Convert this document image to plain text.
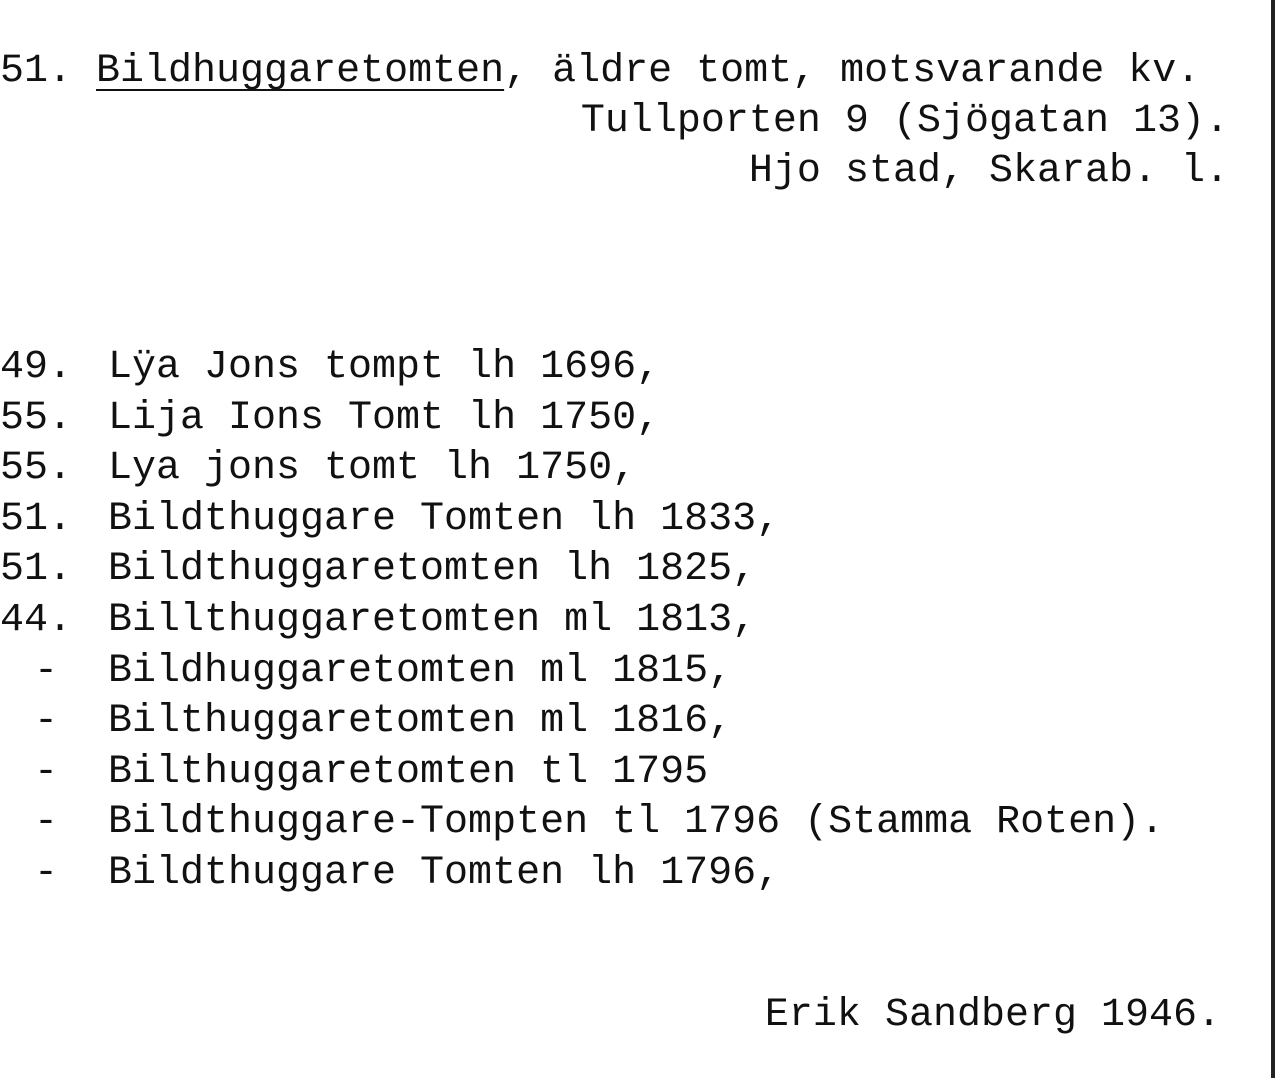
51. Bildhuggaretomten, äldre tomt, motsvarande kv.
Tullporten 9 (Sjögatan 13).
Hjo stad, Skarab. l.
49. Lÿa Jons tompt lh 1696,
55. Lija Ions Tomt lh 1750,
55. Lya jons tomt lh 1750,
51. Bildthuggare Tomten lh 1833,
51. Bildthuggaretomten lh 1825,
44. Billthuggaretomten ml 1813,
-	Bildhuggaretomten ml 1815,
-	Bilthuggaretomten ml 1816,
-	Bilthuggaretomten tl 1795
-	Bildthuggare-Tompten tl 1796 (Stamma Roten).
-	Bildthuggare Tomten lh 1796,
Erik Sandberg 1946.
